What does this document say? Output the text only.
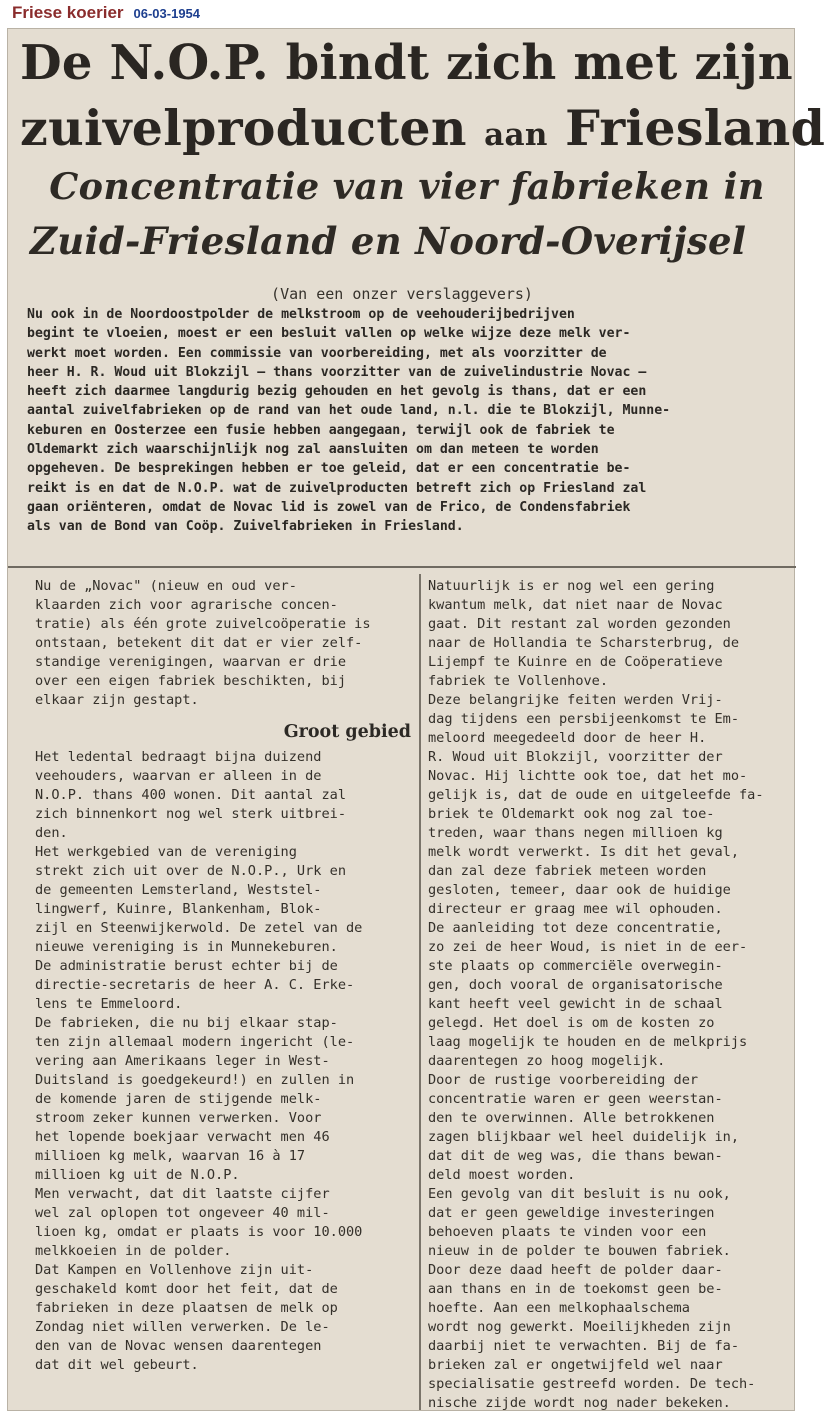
Friese koerier 06-03-1954
De N.O.P. bindt zich met zijn
zuivelproducten aan Friesland
Concentratie van vier fabrieken in
Zuid-Friesland en Noord-Overijsel
(Van een onzer verslaggevers)
Nu ook in de Noordoostpolder de melkstroom op de veehouderijbedrijven
begint te vloeien, moest er een besluit vallen op welke wijze deze melk ver-
werkt moet worden. Een commissie van voorbereiding, met als voorzitter de
heer H. R. Woud uit Blokzijl — thans voorzitter van de zuivelindustrie Novac —
heeft zich daarmee langdurig bezig gehouden en het gevolg is thans, dat er een
aantal zuivelfabrieken op de rand van het oude land, n.l. die te Blokzijl, Munne-
keburen en Oosterzee een fusie hebben aangegaan, terwijl ook de fabriek te
Oldemarkt zich waarschijnlijk nog zal aansluiten om dan meteen te worden
opgeheven. De besprekingen hebben er toe geleid, dat er een concentratie be-
reikt is en dat de N.O.P. wat de zuivelproducten betreft zich op Friesland zal
gaan oriënteren, omdat de Novac lid is zowel van de Frico, de Condensfabriek
als van de Bond van Coöp. Zuivelfabrieken in Friesland.
Nu de „Novac" (nieuw en oud ver-
klaarden zich voor agrarische concen-
tratie) als één grote zuivelcoöperatie is
ontstaan, betekent dit dat er vier zelf-
standige verenigingen, waarvan er drie
over een eigen fabriek beschikten, bij
elkaar zijn gestapt.
Groot gebied
Het ledental bedraagt bijna duizend
veehouders, waarvan er alleen in de
N.O.P. thans 400 wonen. Dit aantal zal
zich binnenkort nog wel sterk uitbrei-
den.
Het werkgebied van de vereniging
strekt zich uit over de N.O.P., Urk en
de gemeenten Lemsterland, Weststel-
lingwerf, Kuinre, Blankenham, Blok-
zijl en Steenwijkerwold. De zetel van de
nieuwe vereniging is in Munnekeburen.
De administratie berust echter bij de
directie-secretaris de heer A. C. Erke-
lens te Emmeloord.
De fabrieken, die nu bij elkaar stap-
ten zijn allemaal modern ingericht (le-
vering aan Amerikaans leger in West-
Duitsland is goedgekeurd!) en zullen in
de komende jaren de stijgende melk-
stroom zeker kunnen verwerken. Voor
het lopende boekjaar verwacht men 46
millioen kg melk, waarvan 16 à 17
millioen kg uit de N.O.P.
Men verwacht, dat dit laatste cijfer
wel zal oplopen tot ongeveer 40 mil-
lioen kg, omdat er plaats is voor 10.000
melkkoeien in de polder.
Dat Kampen en Vollenhove zijn uit-
geschakeld komt door het feit, dat de
fabrieken in deze plaatsen de melk op
Zondag niet willen verwerken. De le-
den van de Novac wensen daarentegen
dat dit wel gebeurt.
Natuurlijk is er nog wel een gering
kwantum melk, dat niet naar de Novac
gaat. Dit restant zal worden gezonden
naar de Hollandia te Scharsterbrug, de
Lijempf te Kuinre en de Coöperatieve
fabriek te Vollenhove.
Deze belangrijke feiten werden Vrij-
dag tijdens een persbijeenkomst te Em-
meloord meegedeeld door de heer H.
R. Woud uit Blokzijl, voorzitter der
Novac. Hij lichtte ook toe, dat het mo-
gelijk is, dat de oude en uitgeleefde fa-
briek te Oldemarkt ook nog zal toe-
treden, waar thans negen millioen kg
melk wordt verwerkt. Is dit het geval,
dan zal deze fabriek meteen worden
gesloten, temeer, daar ook de huidige
directeur er graag mee wil ophouden.
De aanleiding tot deze concentratie,
zo zei de heer Woud, is niet in de eer-
ste plaats op commerciële overwegin-
gen, doch vooral de organisatorische
kant heeft veel gewicht in de schaal
gelegd. Het doel is om de kosten zo
laag mogelijk te houden en de melkprijs
daarentegen zo hoog mogelijk.
Door de rustige voorbereiding der
concentratie waren er geen weerstan-
den te overwinnen. Alle betrokkenen
zagen blijkbaar wel heel duidelijk in,
dat dit de weg was, die thans bewan-
deld moest worden.
Een gevolg van dit besluit is nu ook,
dat er geen geweldige investeringen
behoeven plaats te vinden voor een
nieuw in de polder te bouwen fabriek.
Door deze daad heeft de polder daar-
aan thans en in de toekomst geen be-
hoefte. Aan een melkophaalschema
wordt nog gewerkt. Moeilijkheden zijn
daarbij niet te verwachten. Bij de fa-
brieken zal er ongetwijfeld wel naar
specialisatie gestreefd worden. De tech-
nische zijde wordt nog nader bekeken.
